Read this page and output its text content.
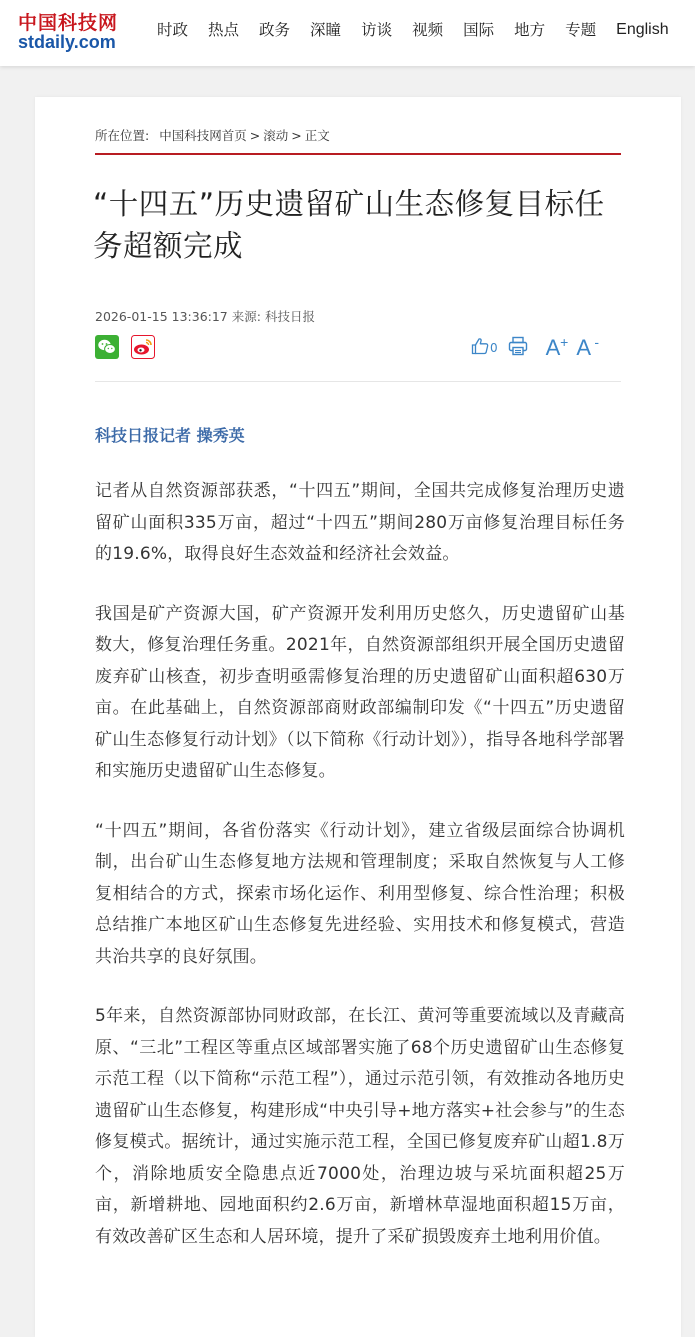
中国科技网
stdaily.com
时政 热点 政务 深瞳 访谈 视频 国际 地方 专题 English
所在位置: 中国科技网首页 > 滚动 > 正文
“十四五”历史遗留矿山生态修复目标任务超额完成
2026-01-15 13:36:17 来源: 科技日报
0 A + A -
科技日报记者 操秀英

记者从自然资源部获悉，“十四五”期间，全国共完成修复治理历史遗留矿山面积335万亩，超过“十四五”期间280万亩修复治理目标任务的19.6%，取得良好生态效益和经济社会效益。

我国是矿产资源大国，矿产资源开发利用历史悠久，历史遗留矿山基数大，修复治理任务重。2021年，自然资源部组织开展全国历史遗留废弃矿山核查，初步查明亟需修复治理的历史遗留矿山面积超630万亩。在此基础上，自然资源部商财政部编制印发《“十四五”历史遗留矿山生态修复行动计划》（以下简称《行动计划》），指导各地科学部署和实施历史遗留矿山生态修复。

“十四五”期间，各省份落实《行动计划》，建立省级层面综合协调机制，出台矿山生态修复地方法规和管理制度；采取自然恢复与人工修复相结合的方式，探索市场化运作、利用型修复、综合性治理；积极总结推广本地区矿山生态修复先进经验、实用技术和修复模式，营造共治共享的良好氛围。

5年来，自然资源部协同财政部，在长江、黄河等重要流域以及青藏高原、“三北”工程区等重点区域部署实施了68个历史遗留矿山生态修复示范工程（以下简称“示范工程”），通过示范引领，有效推动各地历史遗留矿山生态修复，构建形成“中央引导+地方落实+社会参与”的生态修复模式。据统计，通过实施示范工程，全国已修复废弃矿山超1.8万个，消除地质安全隐患点近7000处，治理边坡与采坑面积超25万亩，新增耕地、园地面积约2.6万亩，新增林草湿地面积超15万亩，有效改善矿区生态和人居环境，提升了采矿损毁废弃土地利用价值。
